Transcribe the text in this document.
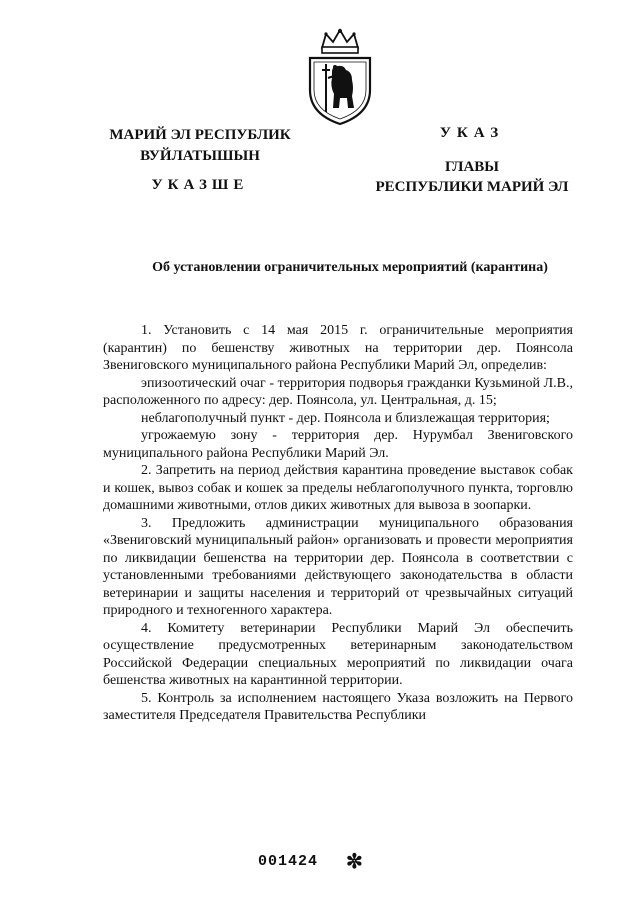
МАРИЙ ЭЛ РЕСПУБЛИК
ВУЙЛАТЫШЫН
УКАЗШЕ
УКАЗ
ГЛАВЫ
РЕСПУБЛИКИ МАРИЙ ЭЛ
Об установлении ограничительных мероприятий (карантина)

1. Установить с 14 мая 2015 г. ограничительные мероприятия (карантин) по бешенству животных на территории дер. Поянсола Звениговского муниципального района Республики Марий Эл, определив:

эпизоотический очаг - территория подворья гражданки Кузьминой Л.В., расположенного по адресу: дер. Поянсола, ул. Центральная, д. 15;

неблагополучный пункт - дер. Поянсола и близлежащая территория;

угрожаемую зону - территория дер. Нурумбал Звениговского муниципального района Республики Марий Эл.

2. Запретить на период действия карантина проведение выставок собак и кошек, вывоз собак и кошек за пределы неблагополучного пункта, торговлю домашними животными, отлов диких животных для вывоза в зоопарки.

3. Предложить администрации муниципального образования «Звениговский муниципальный район» организовать и провести мероприятия по ликвидации бешенства на территории дер. Поянсола в соответствии с установленными требованиями действующего законодательства в области ветеринарии и защиты населения и территорий от чрезвычайных ситуаций природного и техногенного характера.

4. Комитету ветеринарии Республики Марий Эл обеспечить осуществление предусмотренных ветеринарным законодательством Российской Федерации специальных мероприятий по ликвидации очага бешенства животных на карантинной территории.

5. Контроль за исполнением настоящего Указа возложить на Первого заместителя Председателя Правительства Республики

001424 ✼
